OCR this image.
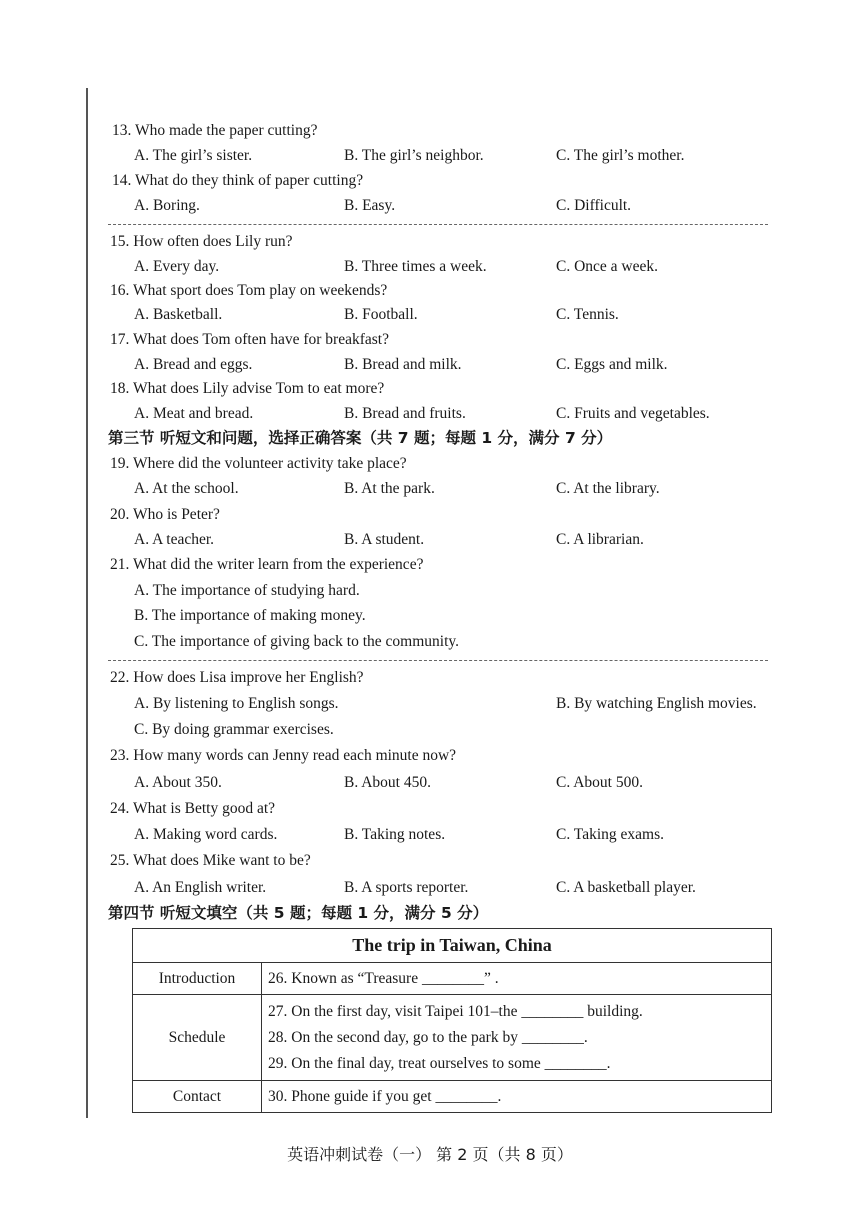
13. Who made the paper cutting?
A. The girl’s sister.	B. The girl’s neighbor.	C. The girl’s mother.
14. What do they think of paper cutting?
A. Boring.	B. Easy.	C. Difficult.
15. How often does Lily run?
A. Every day.	B. Three times a week.	C. Once a week.
16. What sport does Tom play on weekends?
A. Basketball.	B. Football.	C. Tennis.
17. What does Tom often have for breakfast?
A. Bread and eggs.	B. Bread and milk.	C. Eggs and milk.
18. What does Lily advise Tom to eat more?
A. Meat and bread.	B. Bread and fruits.	C. Fruits and vegetables.
第三节 听短文和问题，选择正确答案（共 7 题；每题 1 分，满分 7 分）
19. Where did the volunteer activity take place?
A. At the school.	B. At the park.	C. At the library.
20. Who is Peter?
A. A teacher.	B. A student.	C. A librarian.
21. What did the writer learn from the experience?
A. The importance of studying hard.
B. The importance of making money.
C. The importance of giving back to the community.
22. How does Lisa improve her English?
A. By listening to English songs.	B. By watching English movies.
C. By doing grammar exercises.
23. How many words can Jenny read each minute now?
A. About 350.	B. About 450.	C. About 500.
24. What is Betty good at?
A. Making word cards.	B. Taking notes.	C. Taking exams.
25. What does Mike want to be?
A. An English writer.	B. A sports reporter.	C. A basketball player.
第四节 听短文填空（共 5 题；每题 1 分，满分 5 分）
The trip in Taiwan, China	
Introduction	26. Known as “Treasure ________” .
Schedule	27. On the first day, visit Taipei 101–the ________ building.
28. On the second day, go to the park by ________.
29. On the final day, treat ourselves to some ________.

Contact	30. Phone guide if you get ________.
英语冲刺试卷（一） 第 2 页（共 8 页）
